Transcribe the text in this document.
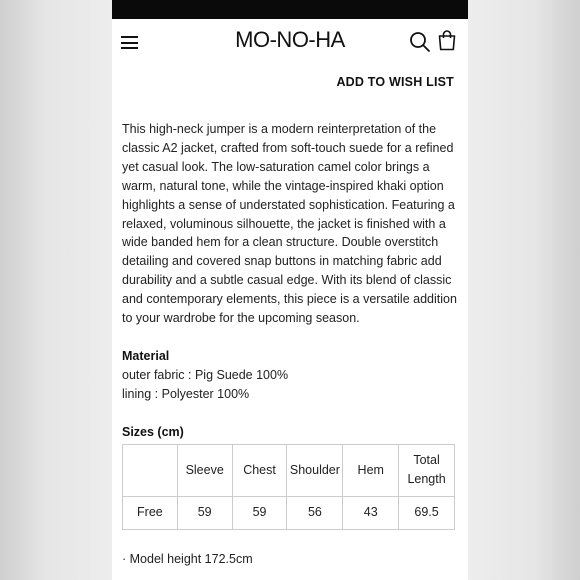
MO-NO-HA
ADD TO WISH LIST

This high-neck jumper is a modern reinterpretation of the classic A2 jacket, crafted from soft-touch suede for a refined yet casual look. The low-saturation camel color brings a warm, natural tone, while the vintage-inspired khaki option highlights a sense of understated sophistication. Featuring a relaxed, voluminous silhouette, the jacket is finished with a wide banded hem for a clean structure. Double overstitch detailing and covered snap buttons in matching fabric add durability and a subtle casual edge. With its blend of classic and contemporary elements, this piece is a versatile addition to your wardrobe for the upcoming season.

Material
outer fabric : Pig Suede 100%
lining : Polyester 100%
Sizes (cm)
	Sleeve	Chest	Shoulder	Hem	Total Length
Free	59	59	56	43	69.5
· Model height 172.5cm
